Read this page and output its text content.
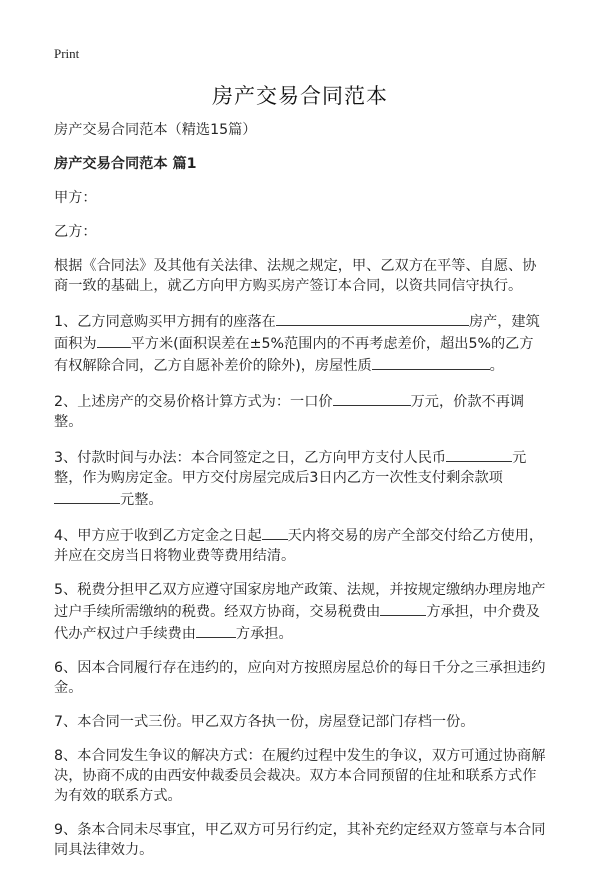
Print
房产交易合同范本
房产交易合同范本（精选15篇）
房产交易合同范本 篇1
甲方：
乙方：
根据《合同法》及其他有关法律、法规之规定，甲、乙双方在平等、自愿、协商一致的基础上，就乙方向甲方购买房产签订本合同，以资共同信守执行。
1、乙方同意购买甲方拥有的座落在	房产，建筑面积为 平方米(面积误差在±5%范围内的不再考虑差价，超出5%的乙方有权解除合同，乙方自愿补差价的除外)，房屋性质	。
2、上述房产的交易价格计算方式为：一口价	万元，价款不再调整。
3、付款时间与办法：本合同签定之日，乙方向甲方支付人民币	元整，作为购房定金。甲方交付房屋完成后3日内乙方一次性支付剩余款项元整。
4、甲方应于收到乙方定金之日起 天内将交易的房产全部交付给乙方使用，并应在交房当日将物业费等费用结清。
5、税费分担甲乙双方应遵守国家房地产政策、法规，并按规定缴纳办理房地产过户手续所需缴纳的税费。经双方协商，交易税费由	方承担，中介费及代办产权过户手续费由	方承担。
6、因本合同履行存在违约的，应向对方按照房屋总价的每日千分之三承担违约金。
7、本合同一式三份。甲乙双方各执一份，房屋登记部门存档一份。
8、本合同发生争议的解决方式：在履约过程中发生的争议，双方可通过协商解决，协商不成的由西安仲裁委员会裁决。双方本合同预留的住址和联系方式作为有效的联系方式。
9、条本合同未尽事宜，甲乙双方可另行约定，其补充约定经双方签章与本合同同具法律效力。
